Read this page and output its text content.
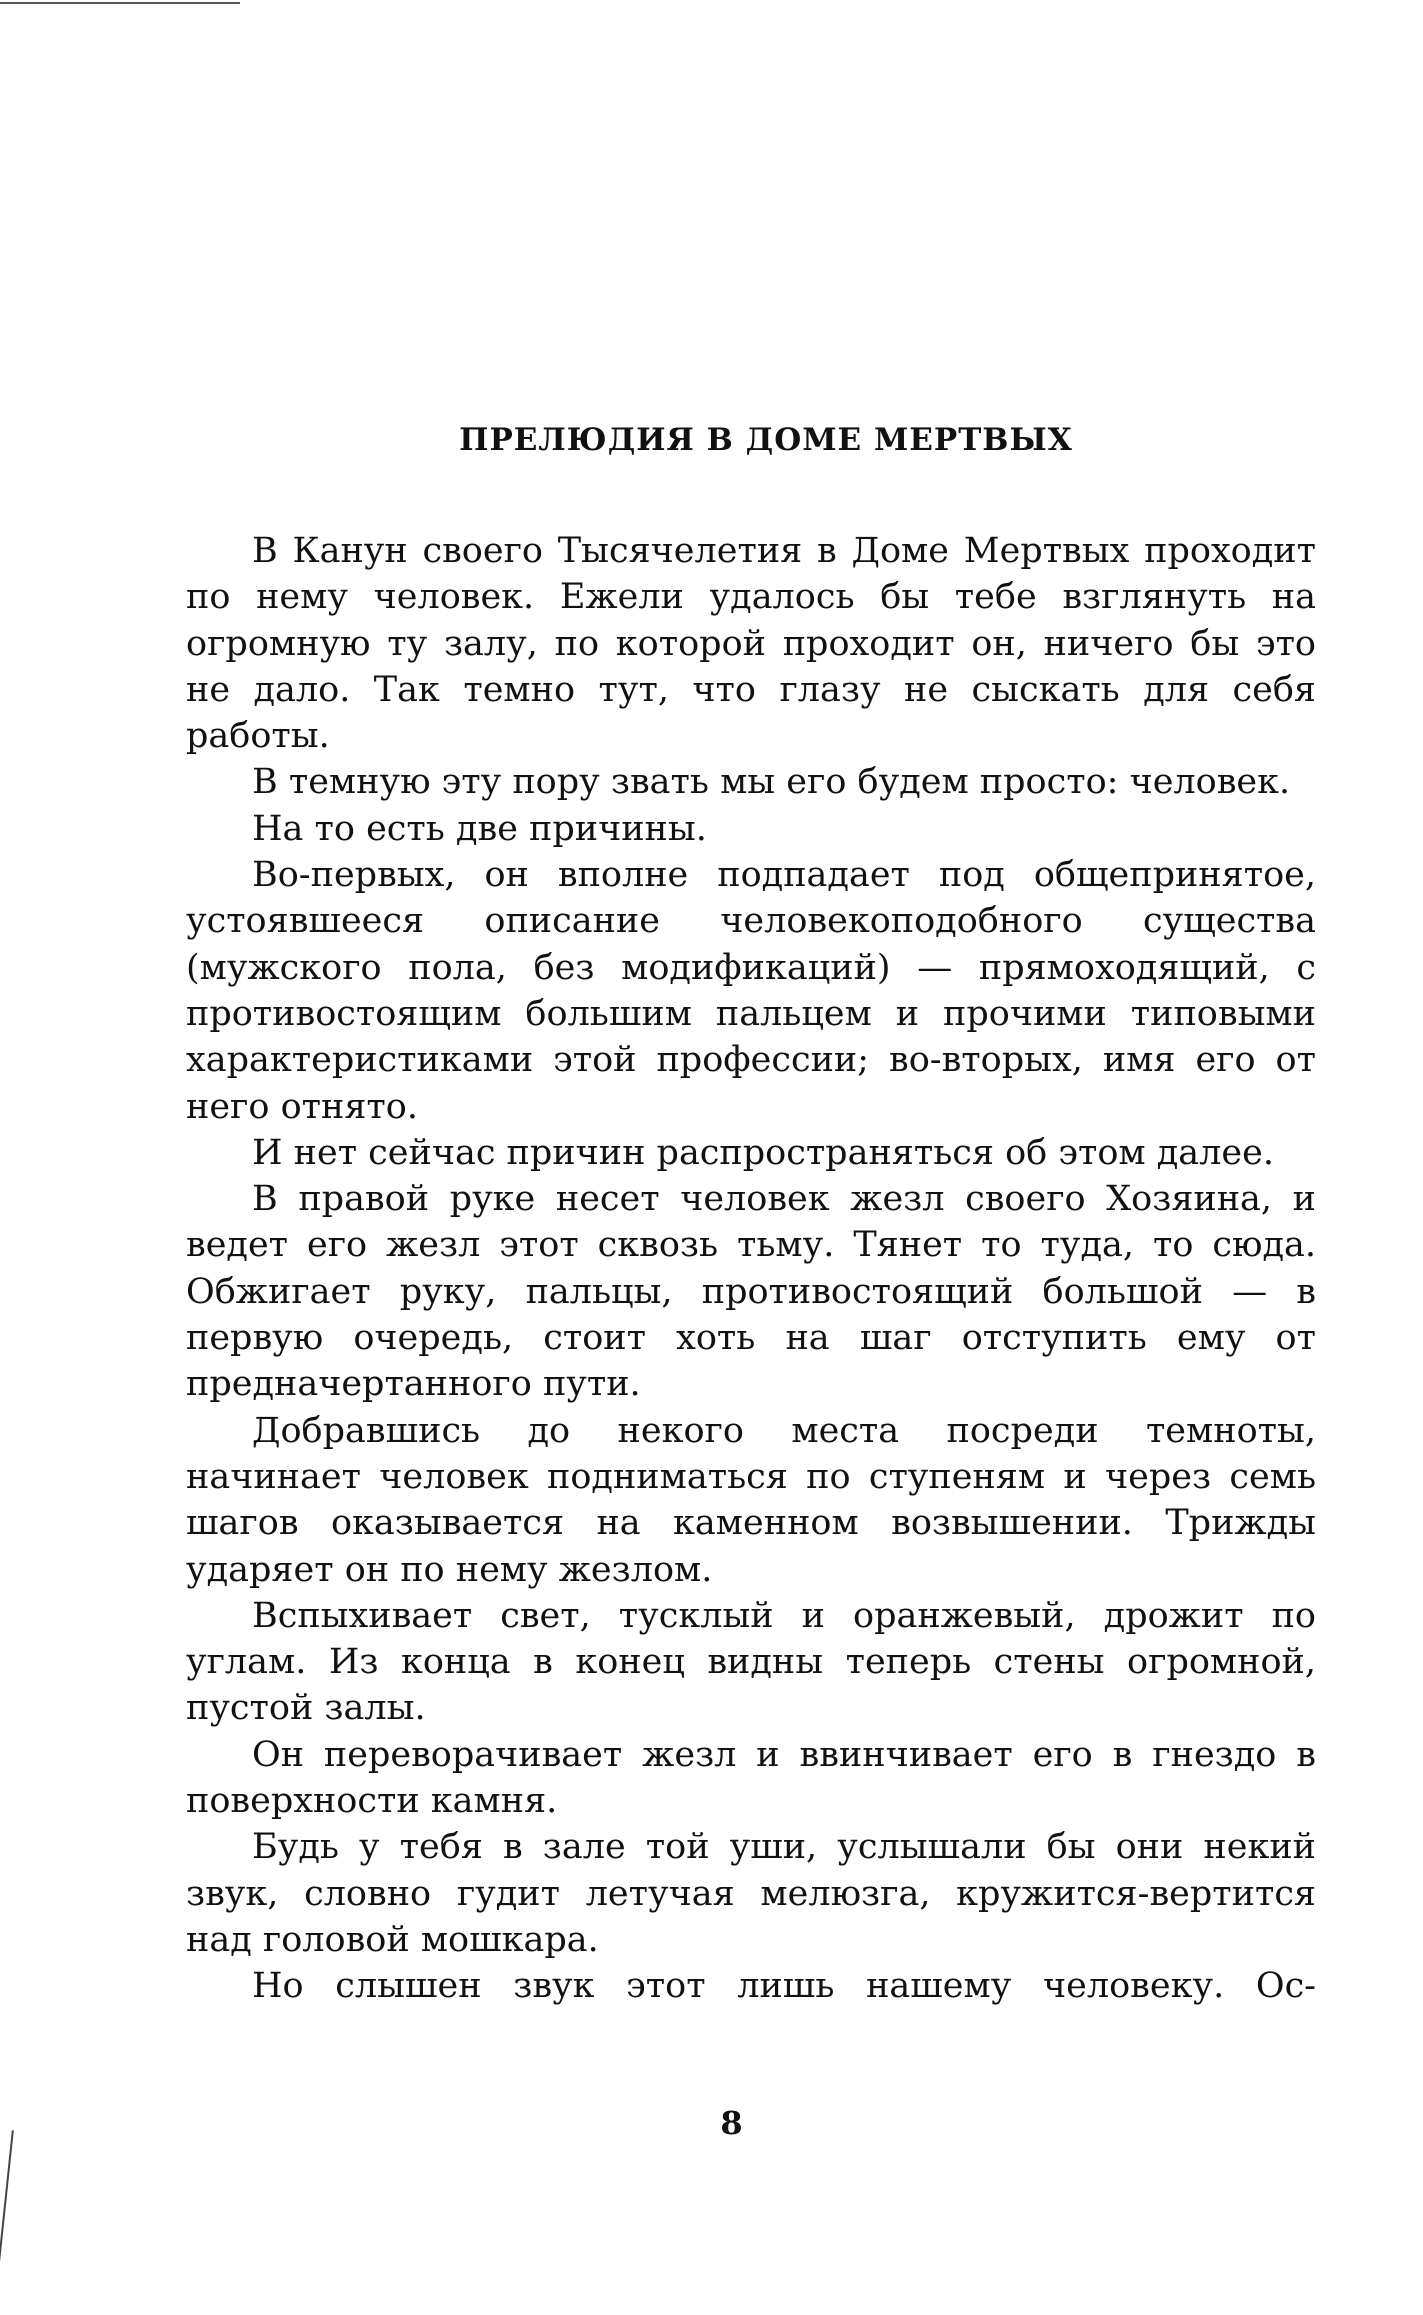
ПРЕЛЮДИЯ В ДОМЕ МЕРТВЫХ

В Канун своего Тысячелетия в Доме Мертвых проходит по нему человек. Ежели удалось бы тебе взглянуть на огромную ту залу, по которой проходит он, ничего бы это не дало. Так темно тут, что глазу не сыскать для себя работы.

В темную эту пору звать мы его будем просто: человек.

На то есть две причины.

Во-первых, он вполне подпадает под общепринятое, устоявшееся описание человекоподобного существа (мужского пола, без модификаций) — прямоходящий, с противостоящим большим пальцем и прочими типовыми характеристиками этой профессии; во-вторых, имя его от него отнято.

И нет сейчас причин распространяться об этом далее.

В правой руке несет человек жезл своего Хозяина, и ведет его жезл этот сквозь тьму. Тянет то туда, то сюда. Обжигает руку, пальцы, противостоящий большой — в первую очередь, стоит хоть на шаг отступить ему от предначертанного пути.

Добравшись до некого места посреди темноты, начинает человек подниматься по ступеням и через семь шагов оказывается на каменном возвышении. Трижды ударяет он по нему жезлом.

Вспыхивает свет, тусклый и оранжевый, дрожит по углам. Из конца в конец видны теперь стены огромной, пустой залы.

Он переворачивает жезл и ввинчивает его в гнездо в поверхности камня.

Будь у тебя в зале той уши, услышали бы они некий звук, словно гудит летучая мелюзга, кружится-вертится над головой мошкара.

Но слышен звук этот лишь нашему человеку. Ос-

8
